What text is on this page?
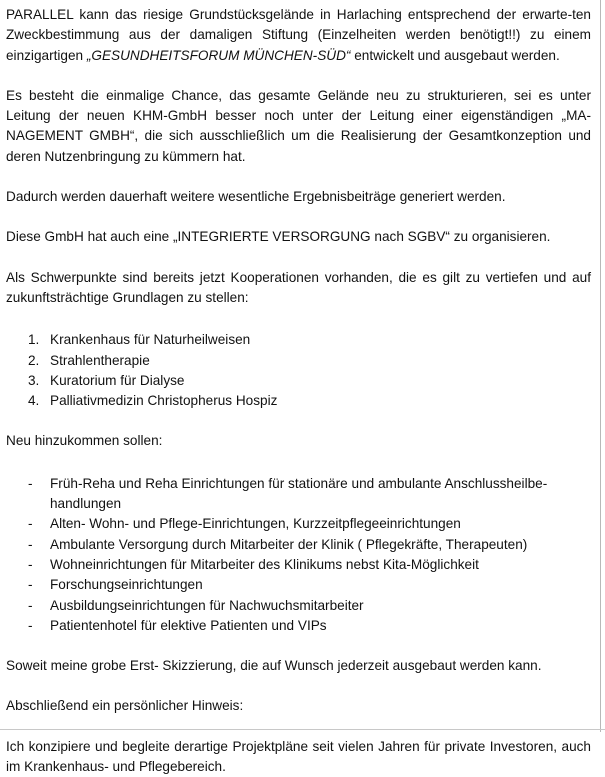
PARALLEL kann das riesige Grundstücksgelände in Harlaching entsprechend der erwarte-ten Zweckbestimmung aus der damaligen Stiftung (Einzelheiten werden benötigt!!) zu einem einzigartigen „GESUNDHEITSFORUM MÜNCHEN-SÜD“ entwickelt und ausgebaut werden.

Es besteht die einmalige Chance, das gesamte Gelände neu zu strukturieren, sei es unter Leitung der neuen KHM-GmbH besser noch unter der Leitung einer eigenständigen „MA-NAGEMENT GMBH“, die sich ausschließlich um die Realisierung der Gesamtkonzeption und deren Nutzenbringung zu kümmern hat.

Dadurch werden dauerhaft weitere wesentliche Ergebnisbeiträge generiert werden.

Diese GmbH hat auch eine „INTEGRIERTE VERSORGUNG nach SGBV“ zu organisieren.

Als Schwerpunkte sind bereits jetzt Kooperationen vorhanden, die es gilt zu vertiefen und auf zukunftsträchtige Grundlagen zu stellen:

1. Krankenhaus für Naturheilweisen
2. Strahlentherapie
3. Kuratorium für Dialyse
4. Palliativmedizin Christopherus Hospiz

Neu hinzukommen sollen:

- Früh-Reha und Reha Einrichtungen für stationäre und ambulante Anschlussheilbe-handlungen
- Alten- Wohn- und Pflege-Einrichtungen, Kurzzeitpflegeeinrichtungen
- Ambulante Versorgung durch Mitarbeiter der Klinik ( Pflegekräfte, Therapeuten)
- Wohneinrichtungen für Mitarbeiter des Klinikums nebst Kita-Möglichkeit
- Forschungseinrichtungen
- Ausbildungseinrichtungen für Nachwuchsmitarbeiter
- Patientenhotel für elektive Patienten und VIPs

Soweit meine grobe Erst- Skizzierung, die auf Wunsch jederzeit ausgebaut werden kann.

Abschließend ein persönlicher Hinweis:

Ich konzipiere und begleite derartige Projektpläne seit vielen Jahren für private Investoren, auch im Krankenhaus- und Pflegebereich.
